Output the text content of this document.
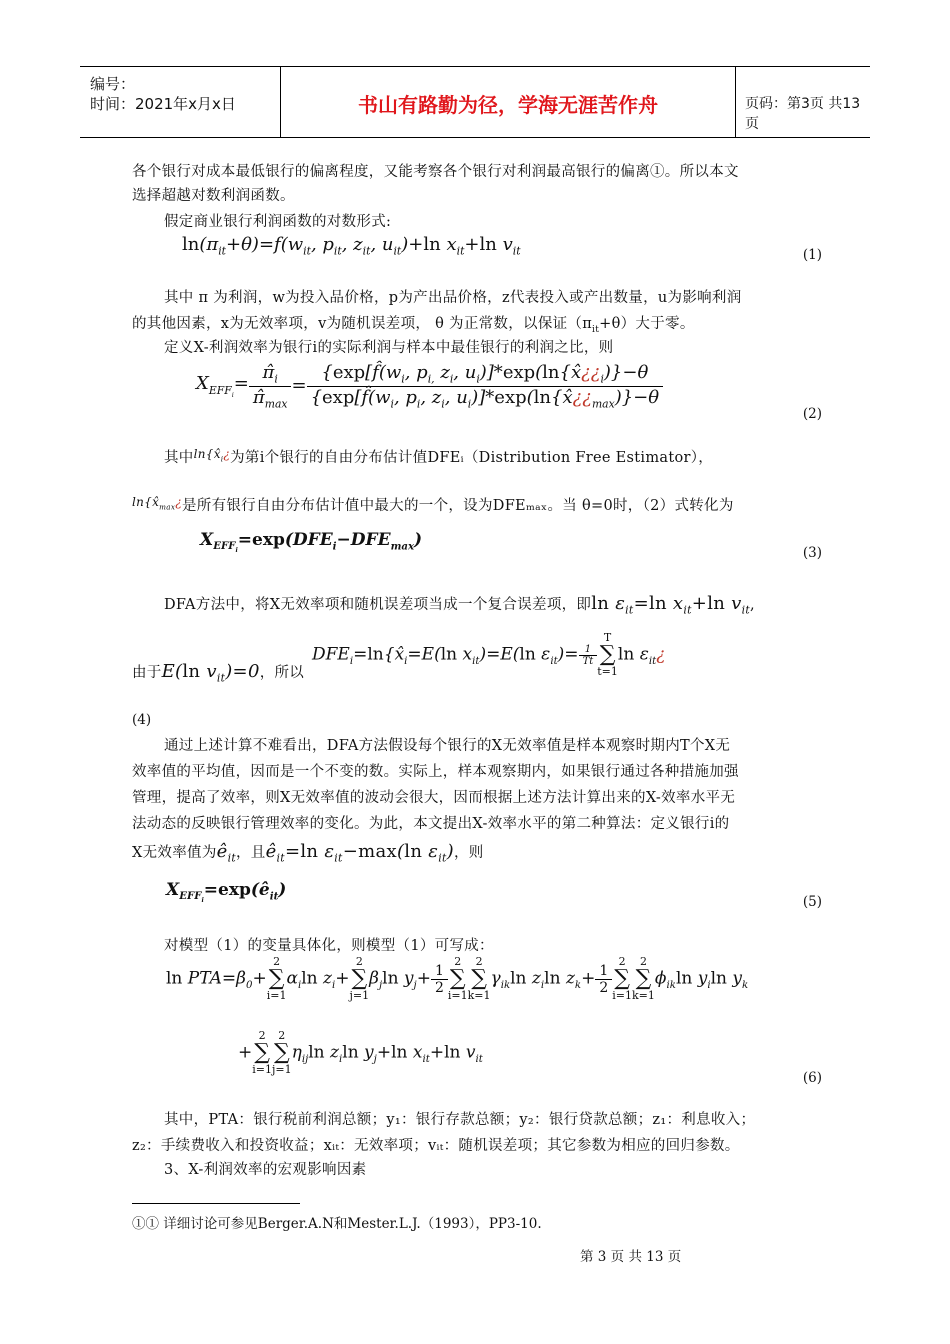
编号：
时间：2021年x月x日	书山有路勤为径，学海无涯苦作舟	页码：第3页 共13页
各个银行对成本最低银行的偏离程度，又能考察各个银行对利润最高银行的偏离①。所以本文
选择超越对数利润函数。
假定商业银行利润函数的对数形式:
$\ln(\pi_{it}+\theta)=f(w_{it}$, $p_{it}$, $z_{it}$, $u_{it})+\ln$ $x_{it}+\ln$ $v_{it}$	(1)
其中 π 为利润，w为投入品价格，p为产出品价格，z代表投入或产出数量，u为影响利润
的其他因素，x为无效率项，v为随机误差项， θ 为正常数，以保证$(\pi_{it}+\theta)$大于零。
定义X-利润效率为银行i的实际利润与样本中最佳银行的利润之比，则
$X_{EFF_i}= \frac{\pî_i}{\pî_{max}} = \frac{\{\exp[f̂(w_i, p_{i,} z_i, u_i)]*\exp(\ln\{x̂¿¿_i)\}-\theta}{\{\exp[f̂(w_i, p_i, z_i, u_i)]*\exp(\ln\{x̂¿¿_{max})\}-\theta}$
(2)
其中$^{ln\{x̂_i¿}$为第i个银行的自由分布估计值DFEᵢ（Distribution Free Estimator），
$^{ln\{x̂_{max}¿}$是所有银行自由分布估计值中最大的一个，设为DFEₘₐₓ。当 θ=0时，（2）式转化为
$X_{EFF_i}=\exp(DFE_i-DFE_{max})$
(3)
DFA方法中，将X无效率项和随机误差项当成一个复合误差项，即$\ln \varepsilon_{it}=\ln$ $x_{it}+\ln$ $v_{it}$,
由于E(ln $v_{it})=0$，所以
$DFE_i=\ln\{x̂_i=E(\ln$ $x_{it})=E(\ln$ $\varepsilon_{it})= \frac{1}{Tt}$
T
∑
t=1ln $\varepsilon_{it}¿$
(4)
通过上述计算不难看出，DFA方法假设每个银行的X无效率值是样本观察时期内T个X无
效率值的平均值，因而是一个不变的数。实际上，样本观察期内，如果银行通过各种措施加强
管理，提高了效率，则X无效率值的波动会很大，因而根据上述方法计算出来的X-效率水平无
法动态的反映银行管理效率的变化。为此，本文提出X-效率水平的第二种算法：定义银行i的
X无效率值为$ê_{it}$，且$ê_{it}=\ln$ $\varepsilon_{it}-\max(\ln$ $\varepsilon_{it}$)，则
$X_{EFF_i}=\exp(ê_{it})$
(5)
对模型（1）的变量具体化，则模型（1）可写成：
$\ln PTA=\beta_0+2$
∑
$i=1\alpha_i\ln$ $z_i+2$
∑
$j=1\beta_j\ln$ $y_j+ \frac{1}{2}$
2
∑
i=12
∑
$k=1\gamma_{ik}\ln$ $z_i\ln$ $z_k+ \frac{1}{2}$
2
∑
i=12
∑
$k=1\phi_{ik}\ln$ $y_i\ln$ $y_k$
+2
∑
i=12
∑
$j=1\eta_{ij}\ln$ $z_i\ln$ $y_j+\ln$ $x_{it}+\ln$ $v_{it}$
(6)
其中，PTA：银行税前利润总额；y₁：银行存款总额；y₂：银行贷款总额；z₁：利息收入；
z₂：手续费收入和投资收益；xᵢₜ：无效率项；vᵢₜ：随机误差项；其它参数为相应的回归参数。
3、X-利润效率的宏观影响因素
①① 详细讨论可参见Berger.A.N和Mester.L.J.（1993），PP3-10.
第 3 页 共 13 页
